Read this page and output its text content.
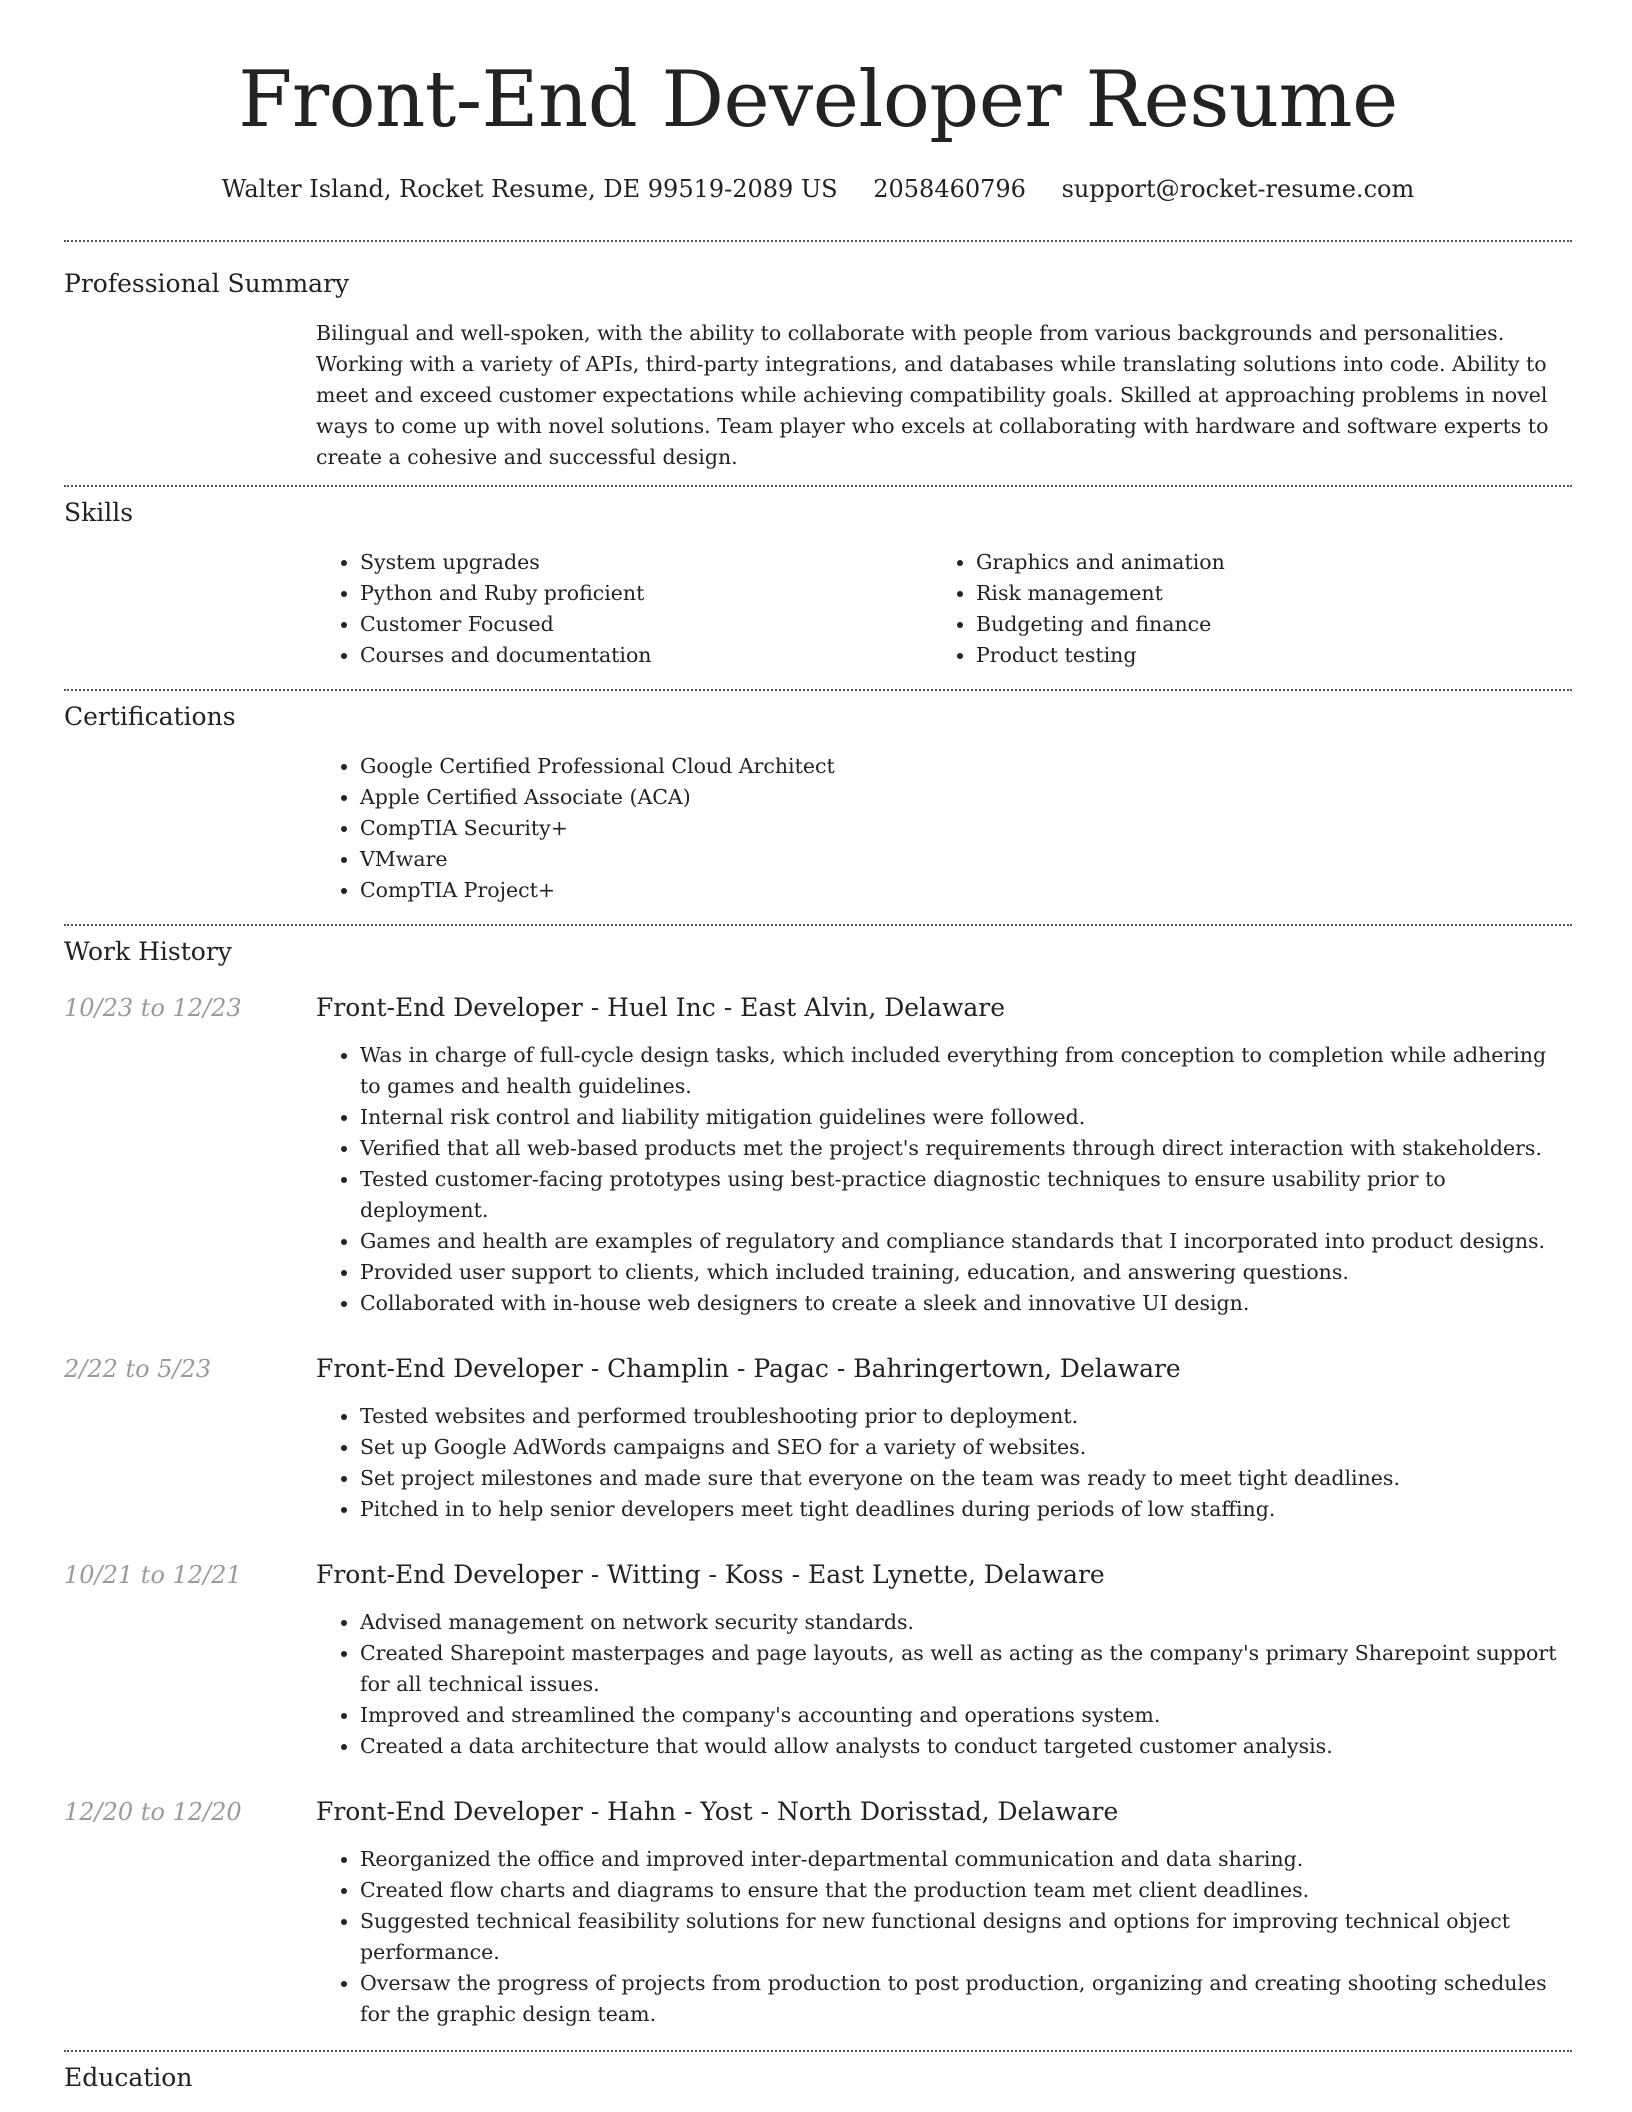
Front-End Developer Resume
Walter Island, Rocket Resume, DE 99519-2089 US 2058460796 support@rocket-resume.com
Professional Summary

Bilingual and well-spoken, with the ability to collaborate with people from various backgrounds and personalities. Working with a variety of APIs, third-party integrations, and databases while translating solutions into code. Ability to meet and exceed customer expectations while achieving compatibility goals. Skilled at approaching problems in novel ways to come up with novel solutions. Team player who excels at collaborating with hardware and software experts to create a cohesive and successful design.

Skills
• System upgrades
• Python and Ruby proficient
• Customer Focused
• Courses and documentation
• Graphics and animation
• Risk management
• Budgeting and finance
• Product testing
Certifications
• Google Certified Professional Cloud Architect
• Apple Certified Associate (ACA)
• CompTIA Security+
• VMware
• CompTIA Project+
Work History
10/23 to 12/23	Front-End Developer - Huel Inc - East Alvin, Delaware
• Was in charge of full-cycle design tasks, which included everything from conception to completion while adhering to games and health guidelines.
• Internal risk control and liability mitigation guidelines were followed.
• Verified that all web-based products met the project's requirements through direct interaction with stakeholders.
• Tested customer-facing prototypes using best-practice diagnostic techniques to ensure usability prior to deployment.
• Games and health are examples of regulatory and compliance standards that I incorporated into product designs.
• Provided user support to clients, which included training, education, and answering questions.
• Collaborated with in-house web designers to create a sleek and innovative UI design.
2/22 to 5/23	Front-End Developer - Champlin - Pagac - Bahringertown, Delaware
• Tested websites and performed troubleshooting prior to deployment.
• Set up Google AdWords campaigns and SEO for a variety of websites.
• Set project milestones and made sure that everyone on the team was ready to meet tight deadlines.
• Pitched in to help senior developers meet tight deadlines during periods of low staffing.
10/21 to 12/21	Front-End Developer - Witting - Koss - East Lynette, Delaware
• Advised management on network security standards.
• Created Sharepoint masterpages and page layouts, as well as acting as the company's primary Sharepoint support for all technical issues.
• Improved and streamlined the company's accounting and operations system.
• Created a data architecture that would allow analysts to conduct targeted customer analysis.
12/20 to 12/20	Front-End Developer - Hahn - Yost - North Dorisstad, Delaware
• Reorganized the office and improved inter-departmental communication and data sharing.
• Created flow charts and diagrams to ensure that the production team met client deadlines.
• Suggested technical feasibility solutions for new functional designs and options for improving technical object performance.
• Oversaw the progress of projects from production to post production, organizing and creating shooting schedules for the graphic design team.
Education
